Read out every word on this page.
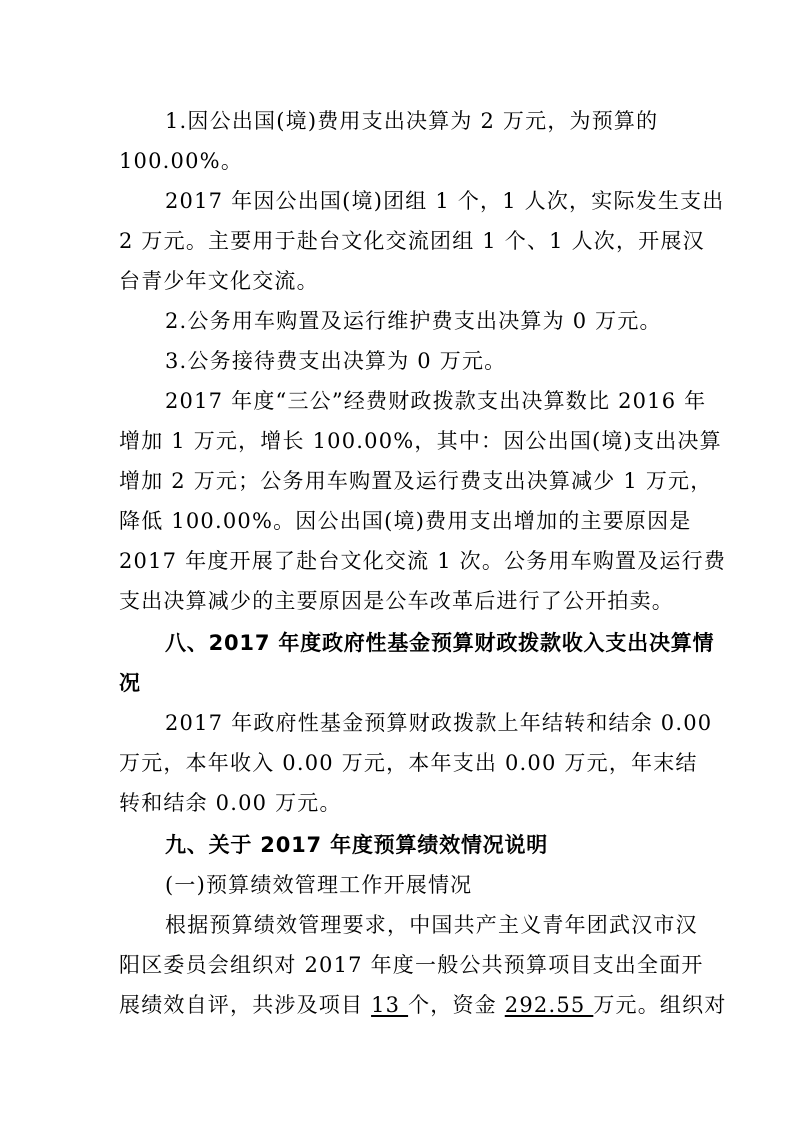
1.因公出国(境)费用支出决算为 2 万元，为预算的
100.00%。
2017 年因公出国(境)团组 1 个，1 人次，实际发生支出
2 万元。主要用于赴台文化交流团组 1 个、1 人次，开展汉
台青少年文化交流。
2.公务用车购置及运行维护费支出决算为 0 万元。
3.公务接待费支出决算为 0 万元。
2017 年度“三公”经费财政拨款支出决算数比 2016 年
增加 1 万元，增长 100.00%，其中：因公出国(境)支出决算
增加 2 万元；公务用车购置及运行费支出决算减少 1 万元，
降低 100.00%。因公出国(境)费用支出增加的主要原因是
2017 年度开展了赴台文化交流 1 次。公务用车购置及运行费
支出决算减少的主要原因是公车改革后进行了公开拍卖。
八、2017 年度政府性基金预算财政拨款收入支出决算情
况
2017 年政府性基金预算财政拨款上年结转和结余 0.00
万元，本年收入 0.00 万元，本年支出 0.00 万元，年末结
转和结余 0.00 万元。
九、关于 2017 年度预算绩效情况说明
(一)预算绩效管理工作开展情况
根据预算绩效管理要求，中国共产主义青年团武汉市汉
阳区委员会组织对 2017 年度一般公共预算项目支出全面开
展绩效自评，共涉及项目 13 个，资金 292.55 万元。组织对
